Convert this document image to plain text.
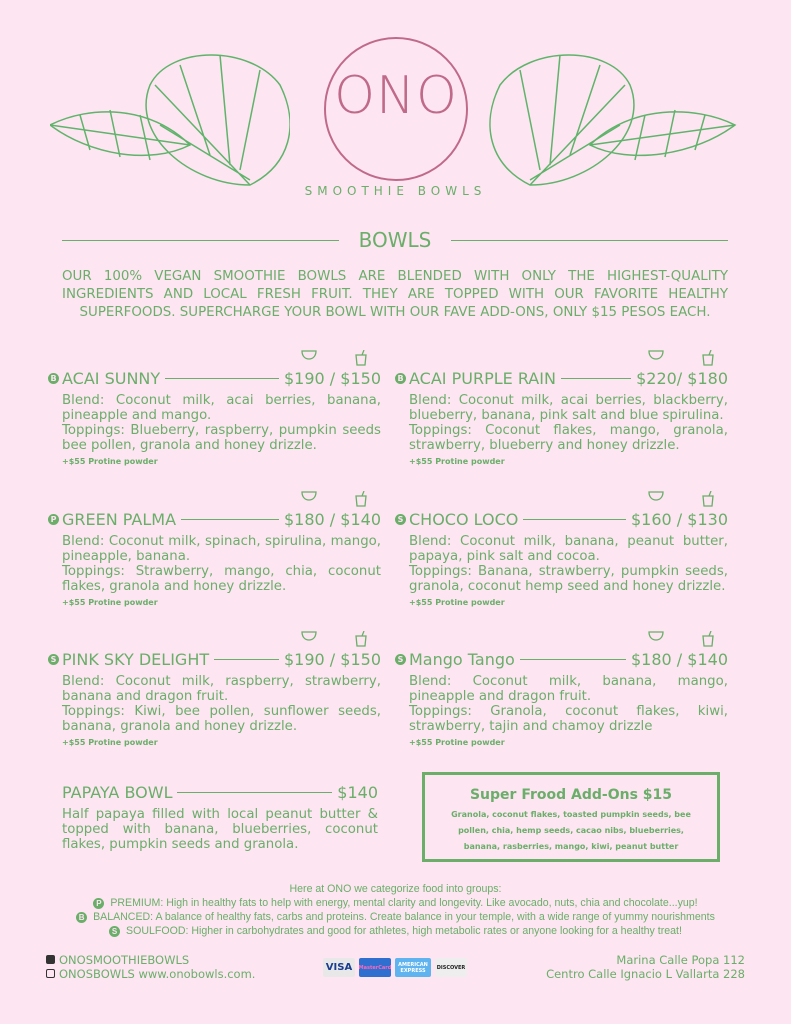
ONO
SMOOTHIE BOWLS
BOWLS
OUR 100% VEGAN SMOOTHIE BOWLS ARE BLENDED WITH ONLY THE HIGHEST-QUALITY INGREDIENTS AND LOCAL FRESH FRUIT. THEY ARE TOPPED WITH OUR FAVORITE HEALTHY SUPERFOODS. SUPERCHARGE YOUR BOWL WITH OUR FAVE ADD-ONS, ONLY $15 PESOS EACH.
B ACAI SUNNY	$190 / $150
Blend: Coconut milk, acai berries, banana, pineapple and mango.
Toppings: Blueberry, raspberry, pumpkin seeds bee pollen, granola and honey drizzle.
+$55 Protine powder
B ACAI PURPLE RAIN	$220/ $180
Blend: Coconut milk, acai berries, blackberry, blueberry, banana, pink salt and blue spirulina.
Toppings: Coconut flakes, mango, granola, strawberry, blueberry and honey drizzle.
+$55 Protine powder
P GREEN PALMA	$180 / $140
Blend: Coconut milk, spinach, spirulina, mango, pineapple, banana.
Toppings: Strawberry, mango, chia, coconut flakes, granola and honey drizzle.
+$55 Protine powder
S CHOCO LOCO	$160 / $130
Blend: Coconut milk, banana, peanut butter, papaya, pink salt and cocoa.
Toppings: Banana, strawberry, pumpkin seeds, granola, coconut hemp seed and honey drizzle.
+$55 Protine powder
S PINK SKY DELIGHT	$190 / $150
Blend: Coconut milk, raspberry, strawberry, banana and dragon fruit.
Toppings: Kiwi, bee pollen, sunflower seeds, banana, granola and honey drizzle.
+$55 Protine powder
S Mango Tango	$180 / $140
Blend: Coconut milk, banana, mango, pineapple and dragon fruit.
Toppings: Granola, coconut flakes, kiwi, strawberry, tajin and chamoy drizzle
+$55 Protine powder
PAPAYA BOWL	$140
Half papaya filled with local peanut butter & topped with banana, blueberries, coconut flakes, pumpkin seeds and granola.
Super Frood Add-Ons $15

Granola, coconut flakes, toasted pumpkin seeds, bee pollen, chia, hemp seeds, cacao nibs, blueberries, banana, rasberries, mango, kiwi, peanut butter

Here at ONO we categorize food into groups:
P PREMIUM: High in healthy fats to help with energy, mental clarity and longevity. Like avocado, nuts, chia and chocolate...yup!
B BALANCED: A balance of healthy fats, carbs and proteins. Create balance in your temple, with a wide range of yummy nourishments
S SOULFOOD: Higher in carbohydrates and good for athletes, high metabolic rates or anyone looking for a healthy treat!
ONOSMOOTHIEBOWLS
ONOSBOWLS www.onobowls.com.	VISA	MasterCard	AMERICAN EXPRESS	DISCOVER
Marina Calle Popa 112
Centro Calle Ignacio L Vallarta 228
